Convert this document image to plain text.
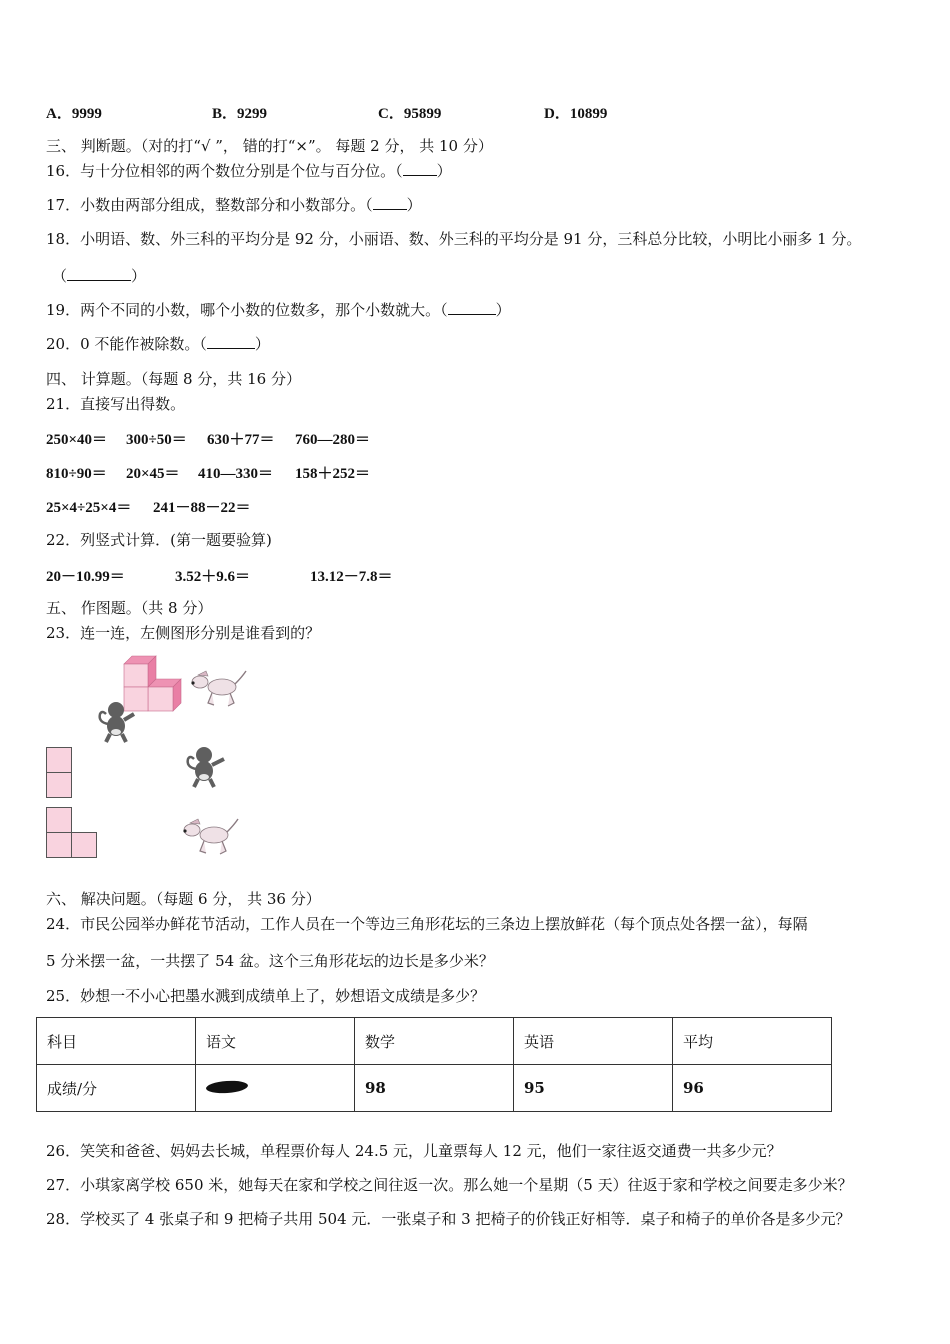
A．9999	B．9299	C．95899	D．10899
三、 判断题。（对的打“√ ”， 错的打“×”。 每题 2 分， 共 10 分）
16．与十分位相邻的两个数位分别是个位与百分位。（ ）
17．小数由两部分组成，整数部分和小数部分。（ ）
18．小明语、数、外三科的平均分是 92 分，小丽语、数、外三科的平均分是 91 分，三科总分比较，小明比小丽多 1 分。
（	）
19．两个不同的小数，哪个小数的位数多，那个小数就大。（	）
20．0 不能作被除数。（	）
四、 计算题。（每题 8 分，共 16 分）
21．直接写出得数。
250×40＝ 300÷50＝ 630＋77＝ 760—280＝
810÷90＝ 20×45＝ 410—330＝ 158＋252＝
25×4÷25×4＝ 241－88－22＝
22．列竖式计算．(第一题要验算)
20－10.99＝	3.52＋9.6＝	13.12－7.8＝
五、 作图题。（共 8 分）
23．连一连，左侧图形分别是谁看到的？
六、 解决问题。（每题 6 分， 共 36 分）
24．市民公园举办鲜花节活动，工作人员在一个等边三角形花坛的三条边上摆放鲜花（每个顶点处各摆一盆），每隔
5 分米摆一盆，一共摆了 54 盆。这个三角形花坛的边长是多少米？
25．妙想一不小心把墨水溅到成绩单上了，妙想语文成绩是多少？
科目	语文	数学	英语	平均
成绩/分		98	95	96
26．笑笑和爸爸、妈妈去长城，单程票价每人 24.5 元，儿童票每人 12 元，他们一家往返交通费一共多少元？
27．小琪家离学校 650 米，她每天在家和学校之间往返一次。那么她一个星期（5 天）往返于家和学校之间要走多少米？
28．学校买了 4 张桌子和 9 把椅子共用 504 元．一张桌子和 3 把椅子的价钱正好相等．桌子和椅子的单价各是多少元？
